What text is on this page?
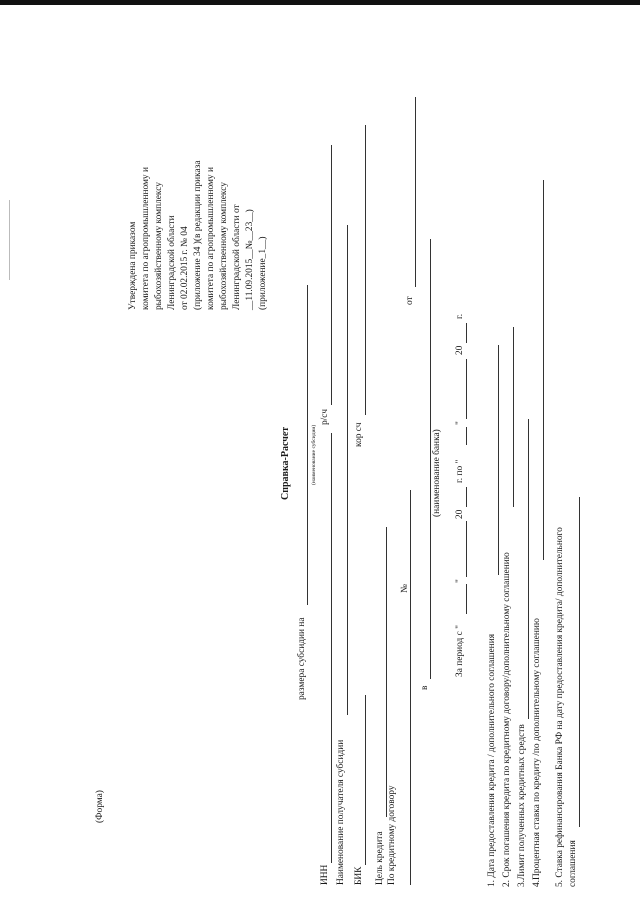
(Форма)
Утверждена приказом комитета по агропромышленному и рыбохозяйственному комплексу Ленинградской области от 02.02.2015 г. № 04 (приложение 34 )(в редакции приказа комитета по агропромышленному и рыбохозяйственному комплексу Ленинградской области от __11.09.2015__№__23__) (приложение_1__)
Справка-Расчет
размера субсидии на
(наименование субсидии)
ИНН
р/сч
Наименование получателя субсидии БИК
кор сч
Цель кредита По кредитному договору
№
от
в
(наименование банка)
За период с "
"
20
г. по "
"
20
г.
1. Дата предоставления кредита / дополнительного соглашения 2. Срок погашения кредита по кредитному договору/дополнительному соглашению 3.Лимит полученных кредитных средств 4.Процентная ставка по кредиту /по дополнительному соглашению 5. Ставка рефинансирования Банка РФ на дату предоставления кредита/ дополнительного соглашения
